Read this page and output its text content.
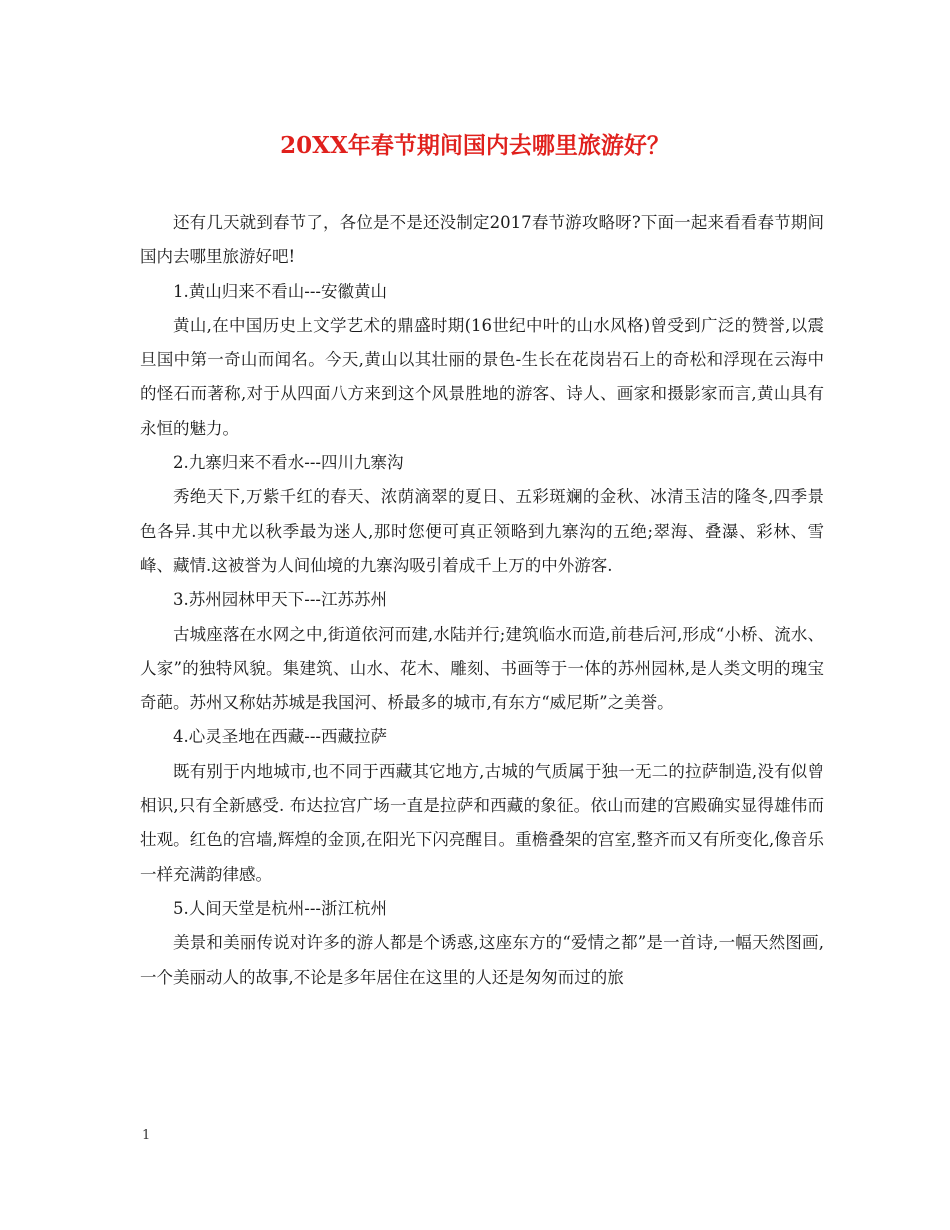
20XX年春节期间国内去哪里旅游好？

还有几天就到春节了，各位是不是还没制定2017春节游攻略呀?下面一起来看看春节期间国内去哪里旅游好吧!

1.黄山归来不看山---安徽黄山

黄山,在中国历史上文学艺术的鼎盛时期(16世纪中叶的山水风格)曾受到广泛的赞誉,以震旦国中第一奇山而闻名。今天,黄山以其壮丽的景色-生长在花岗岩石上的奇松和浮现在云海中的怪石而著称,对于从四面八方来到这个风景胜地的游客、诗人、画家和摄影家而言,黄山具有永恒的魅力。

2.九寨归来不看水---四川九寨沟

秀绝天下,万紫千红的春天、浓荫滴翠的夏日、五彩斑斓的金秋、冰清玉洁的隆冬,四季景色各异.其中尤以秋季最为迷人,那时您便可真正领略到九寨沟的五绝;翠海、叠瀑、彩林、雪峰、藏情.这被誉为人间仙境的九寨沟吸引着成千上万的中外游客.

3.苏州园林甲天下---江苏苏州

古城座落在水网之中,街道依河而建,水陆并行;建筑临水而造,前巷后河,形成“小桥、流水、人家”的独特风貌。集建筑、山水、花木、雕刻、书画等于一体的苏州园林,是人类文明的瑰宝奇葩。苏州又称姑苏城是我国河、桥最多的城市,有东方“威尼斯”之美誉。

4.心灵圣地在西藏---西藏拉萨

既有别于内地城市,也不同于西藏其它地方,古城的气质属于独一无二的拉萨制造,没有似曾相识,只有全新感受. 布达拉宫广场一直是拉萨和西藏的象征。依山而建的宫殿确实显得雄伟而壮观。红色的宫墙,辉煌的金顶,在阳光下闪亮醒目。重檐叠架的宫室,整齐而又有所变化,像音乐一样充满韵律感。

5.人间天堂是杭州---浙江杭州

美景和美丽传说对许多的游人都是个诱惑,这座东方的“爱情之都”是一首诗,一幅天然图画,一个美丽动人的故事,不论是多年居住在这里的人还是匆匆而过的旅

1
